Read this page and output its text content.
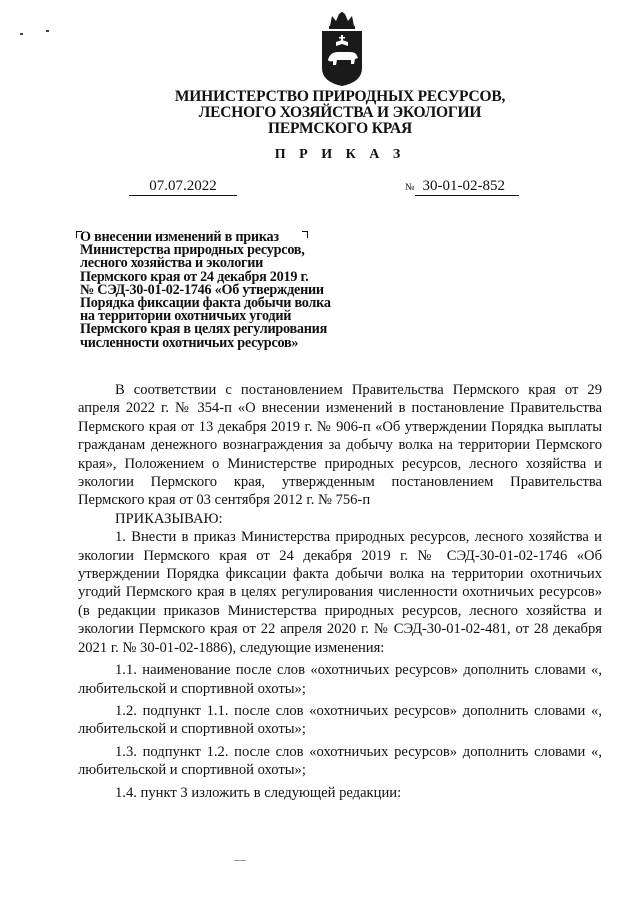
МИНИСТЕРСТВО ПРИРОДНЫХ РЕСУРСОВ,
ЛЕСНОГО ХОЗЯЙСТВА И ЭКОЛОГИИ
ПЕРМСКОГО КРАЯ
П Р И К А З
07.07.2022	№ 30-01-02-852
О внесении изменений в приказ
Министерства природных ресурсов,
лесного хозяйства и экологии
Пермского края от 24 декабря 2019 г.
№ СЭД-30-01-02-1746 «Об утверждении
Порядка фиксации факта добычи волка
на территории охотничьих угодий
Пермского края в целях регулирования
численности охотничьих ресурсов»

В соответствии с постановлением Правительства Пермского края от 29 апреля 2022 г. № 354-п «О внесении изменений в постановление Правительства Пермского края от 13 декабря 2019 г. № 906-п «Об утверждении Порядка выплаты гражданам денежного вознаграждения за добычу волка на территории Пермского края», Положением о Министерстве природных ресурсов, лесного хозяйства и экологии Пермского края, утвержденным постановлением Правительства Пермского края от 03 сентября 2012 г. № 756-п

ПРИКАЗЫВАЮ:

1. Внести в приказ Министерства природных ресурсов, лесного хозяйства и экологии Пермского края от 24 декабря 2019 г. № СЭД-30-01-02-1746 «Об утверждении Порядка фиксации факта добычи волка на территории охотничьих угодий Пермского края в целях регулирования численности охотничьих ресурсов» (в редакции приказов Министерства природных ресурсов, лесного хозяйства и экологии Пермского края от 22 апреля 2020 г. № СЭД-30-01-02-481, от 28 декабря 2021 г. № 30-01-02-1886), следующие изменения:

1.1. наименование после слов «охотничьих ресурсов» дополнить словами «, любительской и спортивной охоты»;

1.2. подпункт 1.1. после слов «охотничьих ресурсов» дополнить словами «, любительской и спортивной охоты»;

1.3. подпункт 1.2. после слов «охотничьих ресурсов» дополнить словами «, любительской и спортивной охоты»;

1.4. пункт 3 изложить в следующей редакции:
